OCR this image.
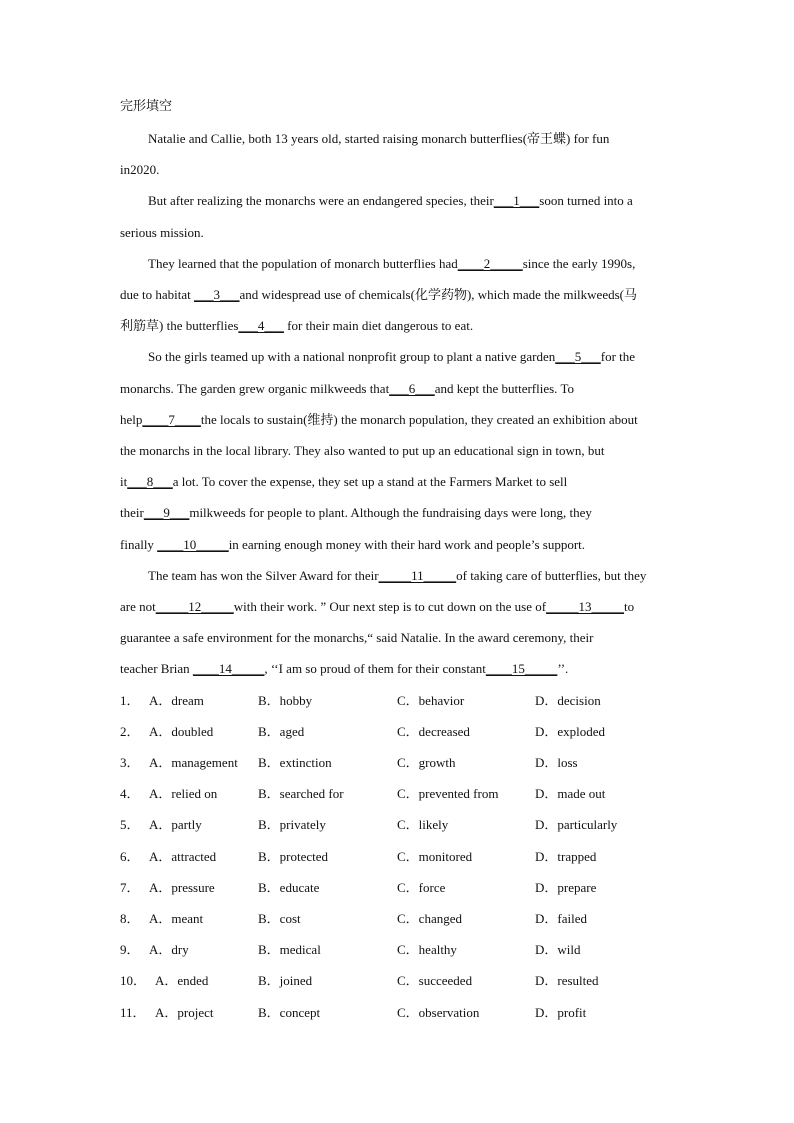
完形填空
Natalie and Callie, both 13 years old, started raising monarch butterflies(帝王蝶) for fun
in2020.
But after realizing the monarchs were an endangered species, their___1___soon turned into a
serious mission.
They learned that the population of monarch butterflies had____2_____since the early 1990s,
due to habitat ___3___and widespread use of chemicals(化学药物), which made the milkweeds(马
利筋草) the butterflies___4___ for their main diet dangerous to eat.
So the girls teamed up with a national nonprofit group to plant a native garden___5___for the
monarchs. The garden grew organic milkweeds that___6___and kept the butterflies. To
help____7____the locals to sustain(维持) the monarch population, they created an exhibition about
the monarchs in the local library. They also wanted to put up an educational sign in town, but
it___8___a lot. To cover the expense, they set up a stand at the Farmers Market to sell
their___9___milkweeds for people to plant. Although the fundraising days were long, they
finally ____10_____in earning enough money with their hard work and people’s support.
The team has won the Silver Award for their_____11_____of taking care of butterflies, but they
are not_____12_____with their work. ” Our next step is to cut down on the use of_____13_____to
guarantee a safe environment for the monarchs,“ said Natalie. In the award ceremony, their
teacher Brian ____14_____, ‘‘I am so proud of them for their constant____15_____’’.
1． A．dream	B．hobby	C．behavior	D．decision
2． A．doubled	B．aged	C．decreased	D．exploded
3． A．management B．extinction	C．growth	D．loss
4． A．relied on	B．searched for	C．prevented from	D．made out
5． A．partly	B．privately	C．likely	D．particularly
6． A．attracted	B．protected	C．monitored	D．trapped
7． A．pressure	B．educate	C．force	D．prepare
8． A．meant	B．cost	C．changed	D．failed
9． A．dry	B．medical	C．healthy	D．wild
10． A．ended	B．joined	C．succeeded	D．resulted
11． A．project	B．concept	C．observation	D．profit
